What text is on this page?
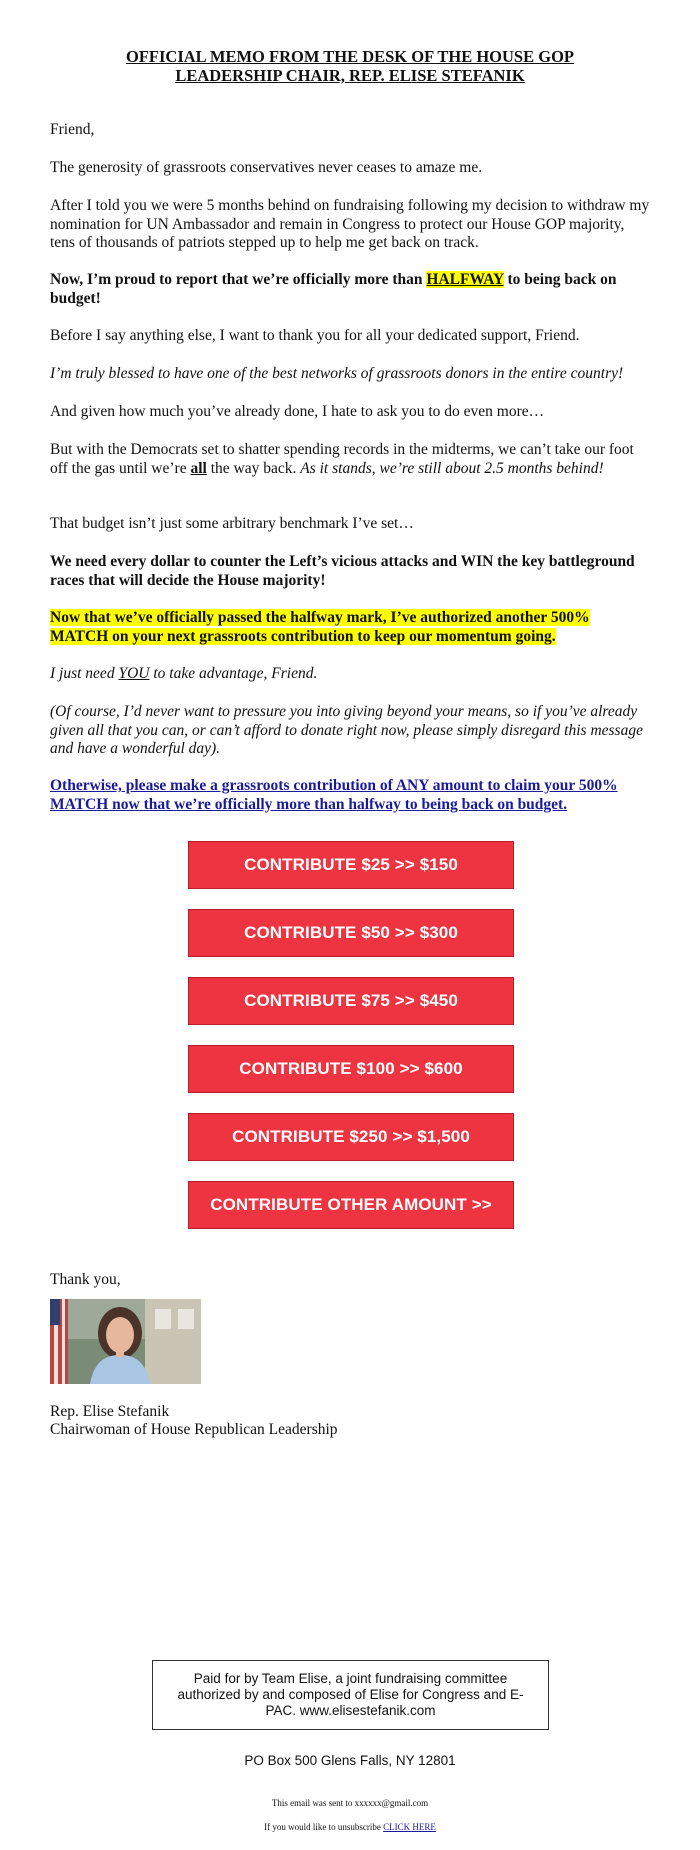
OFFICIAL MEMO FROM THE DESK OF THE HOUSE GOP
LEADERSHIP CHAIR, REP. ELISE STEFANIK

Friend,

The generosity of grassroots conservatives never ceases to amaze me.

After I told you we were 5 months behind on fundraising following my decision to withdraw my nomination for UN Ambassador and remain in Congress to protect our House GOP majority, tens of thousands of patriots stepped up to help me get back on track.

Now, I’m proud to report that we’re officially more than HALFWAY to being back on budget!

Before I say anything else, I want to thank you for all your dedicated support, Friend.

I’m truly blessed to have one of the best networks of grassroots donors in the entire country!

And given how much you’ve already done, I hate to ask you to do even more…

But with the Democrats set to shatter spending records in the midterms, we can’t take our foot off the gas until we’re all the way back. As it stands, we’re still about 2.5 months behind!

That budget isn’t just some arbitrary benchmark I’ve set…

We need every dollar to counter the Left’s vicious attacks and WIN the key battleground races that will decide the House majority!

Now that we’ve officially passed the halfway mark, I’ve authorized another 500% MATCH on your next grassroots contribution to keep our momentum going.

I just need YOU to take advantage, Friend.

(Of course, I’d never want to pressure you into giving beyond your means, so if you’ve already given all that you can, or can’t afford to donate right now, please simply disregard this message and have a wonderful day).

Otherwise, please make a grassroots contribution of ANY amount to claim your 500% MATCH now that we’re officially more than halfway to being back on budget.

CONTRIBUTE $25 >> $150
CONTRIBUTE $50 >> $300
CONTRIBUTE $75 >> $450
CONTRIBUTE $100 >> $600
CONTRIBUTE $250 >> $1,500
CONTRIBUTE OTHER AMOUNT >>

Thank you,

Rep. Elise Stefanik

Chairwoman of House Republican Leadership

Paid for by Team Elise, a joint fundraising committee authorized by and composed of Elise for Congress and E-PAC. www.elisestefanik.com
PO Box 500 Glens Falls, NY 12801
This email was sent to xxxxxx@gmail.com
If you would like to unsubscribe CLICK HERE
